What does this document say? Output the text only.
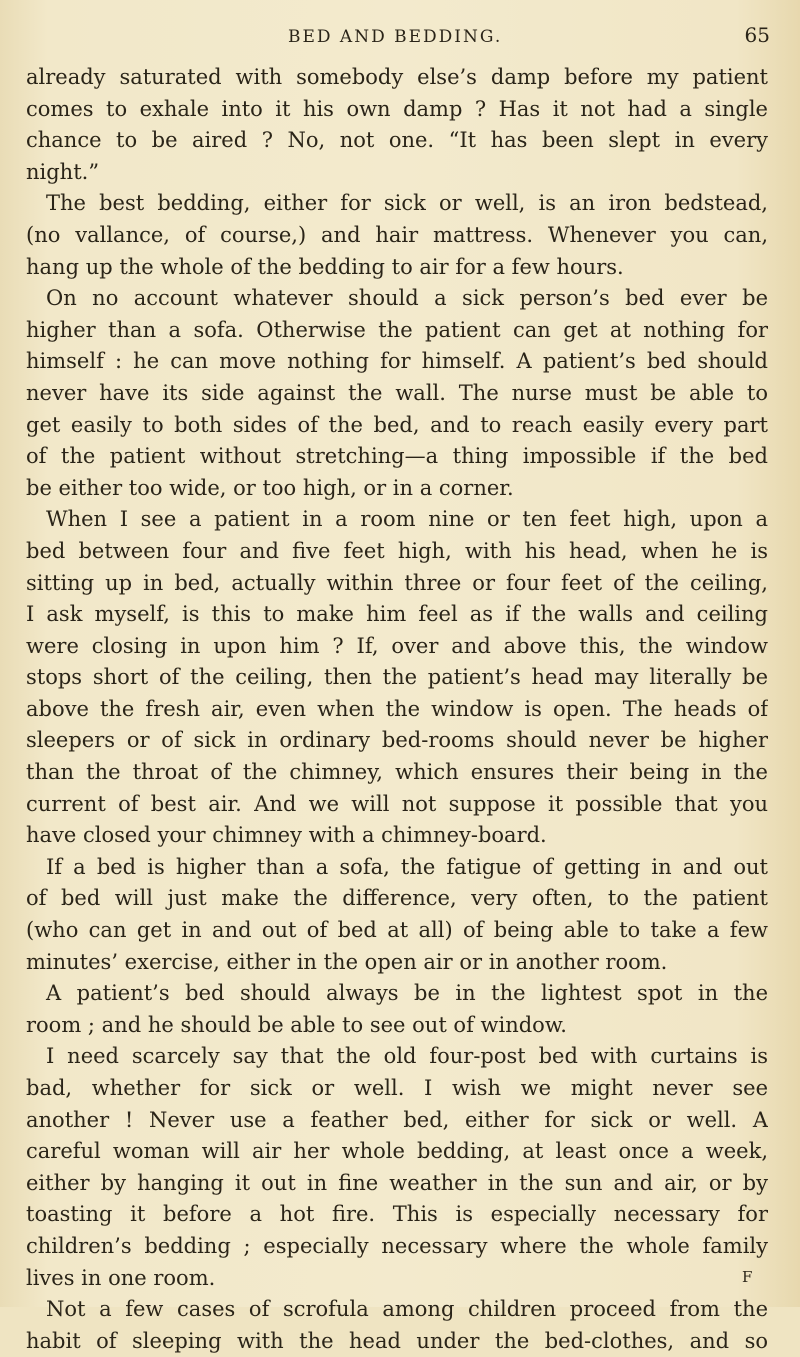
BED AND BEDDING.	65
already saturated with somebody else’s damp before my patient
comes to exhale into it his own damp ? Has it not had a single
chance to be aired ? No, not one. “It has been slept in every
night.”
The best bedding, either for sick or well, is an iron bedstead,
(no vallance, of course,) and hair mattress. Whenever you can,
hang up the whole of the bedding to air for a few hours.
On no account whatever should a sick person’s bed ever be
higher than a sofa. Otherwise the patient can get at nothing for
himself : he can move nothing for himself. A patient’s bed should
never have its side against the wall. The nurse must be able to
get easily to both sides of the bed, and to reach easily every part
of the patient without stretching—a thing impossible if the bed
be either too wide, or too high, or in a corner.
When I see a patient in a room nine or ten feet high, upon a
bed between four and five feet high, with his head, when he is
sitting up in bed, actually within three or four feet of the ceiling,
I ask myself, is this to make him feel as if the walls and ceiling
were closing in upon him ? If, over and above this, the window
stops short of the ceiling, then the patient’s head may literally be
above the fresh air, even when the window is open. The heads of
sleepers or of sick in ordinary bed-rooms should never be higher
than the throat of the chimney, which ensures their being in the
current of best air. And we will not suppose it possible that you
have closed your chimney with a chimney-board.
If a bed is higher than a sofa, the fatigue of getting in and out
of bed will just make the difference, very often, to the patient
(who can get in and out of bed at all) of being able to take a few
minutes’ exercise, either in the open air or in another room.
A patient’s bed should always be in the lightest spot in the
room ; and he should be able to see out of window.
I need scarcely say that the old four-post bed with curtains is
bad, whether for sick or well. I wish we might never see
another ! Never use a feather bed, either for sick or well. A
careful woman will air her whole bedding, at least once a week,
either by hanging it out in fine weather in the sun and air, or by
toasting it before a hot fire. This is especially necessary for
children’s bedding ; especially necessary where the whole family
lives in one room.
Not a few cases of scrofula among children proceed from the
habit of sleeping with the head under the bed-clothes, and so
F
